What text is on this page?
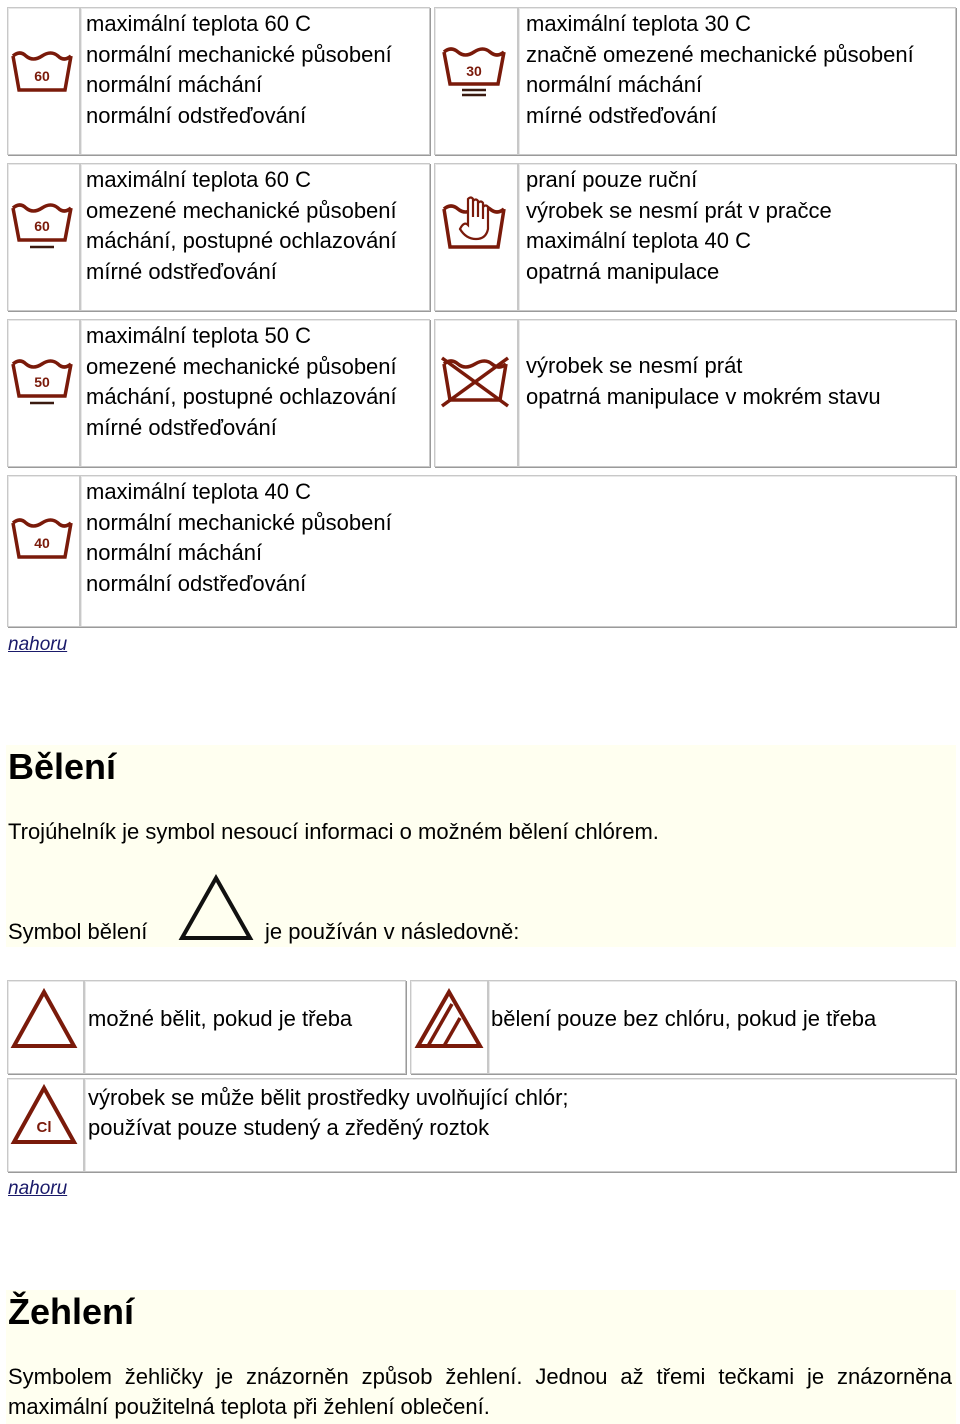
60
maximální teplota 60 C
normální mechanické působení
normální máchání
normální odstřeďování
30
maximální teplota 30 C
značně omezené mechanické působení
normální máchání
mírné odstřeďování
60
maximální teplota 60 C
omezené mechanické působení
máchání, postupné ochlazování
mírné odstřeďování
praní pouze ruční
výrobek se nesmí prát v pračce
maximální teplota 40 C
opatrná manipulace
50
maximální teplota 50 C
omezené mechanické působení
máchání, postupné ochlazování
mírné odstřeďování
výrobek se nesmí prát
opatrná manipulace v mokrém stavu
40
maximální teplota 40 C
normální mechanické působení
normální máchání
normální odstřeďování
nahoru
Bělení
Trojúhelník je symbol nesoucí informaci o možném bělení chlórem.
Symbol bělení	je používán v následovně:
možné bělit, pokud je třeba	bělení pouze bez chlóru, pokud je třeba
Cl
výrobek se může bělit prostředky uvolňující chlór;
používat pouze studený a zředěný roztok
nahoru
Žehlení
Symbolem žehličky je znázorněn způsob žehlení. Jednou až třemi tečkami je znázorněna maximální použitelná teplota při žehlení oblečení.
